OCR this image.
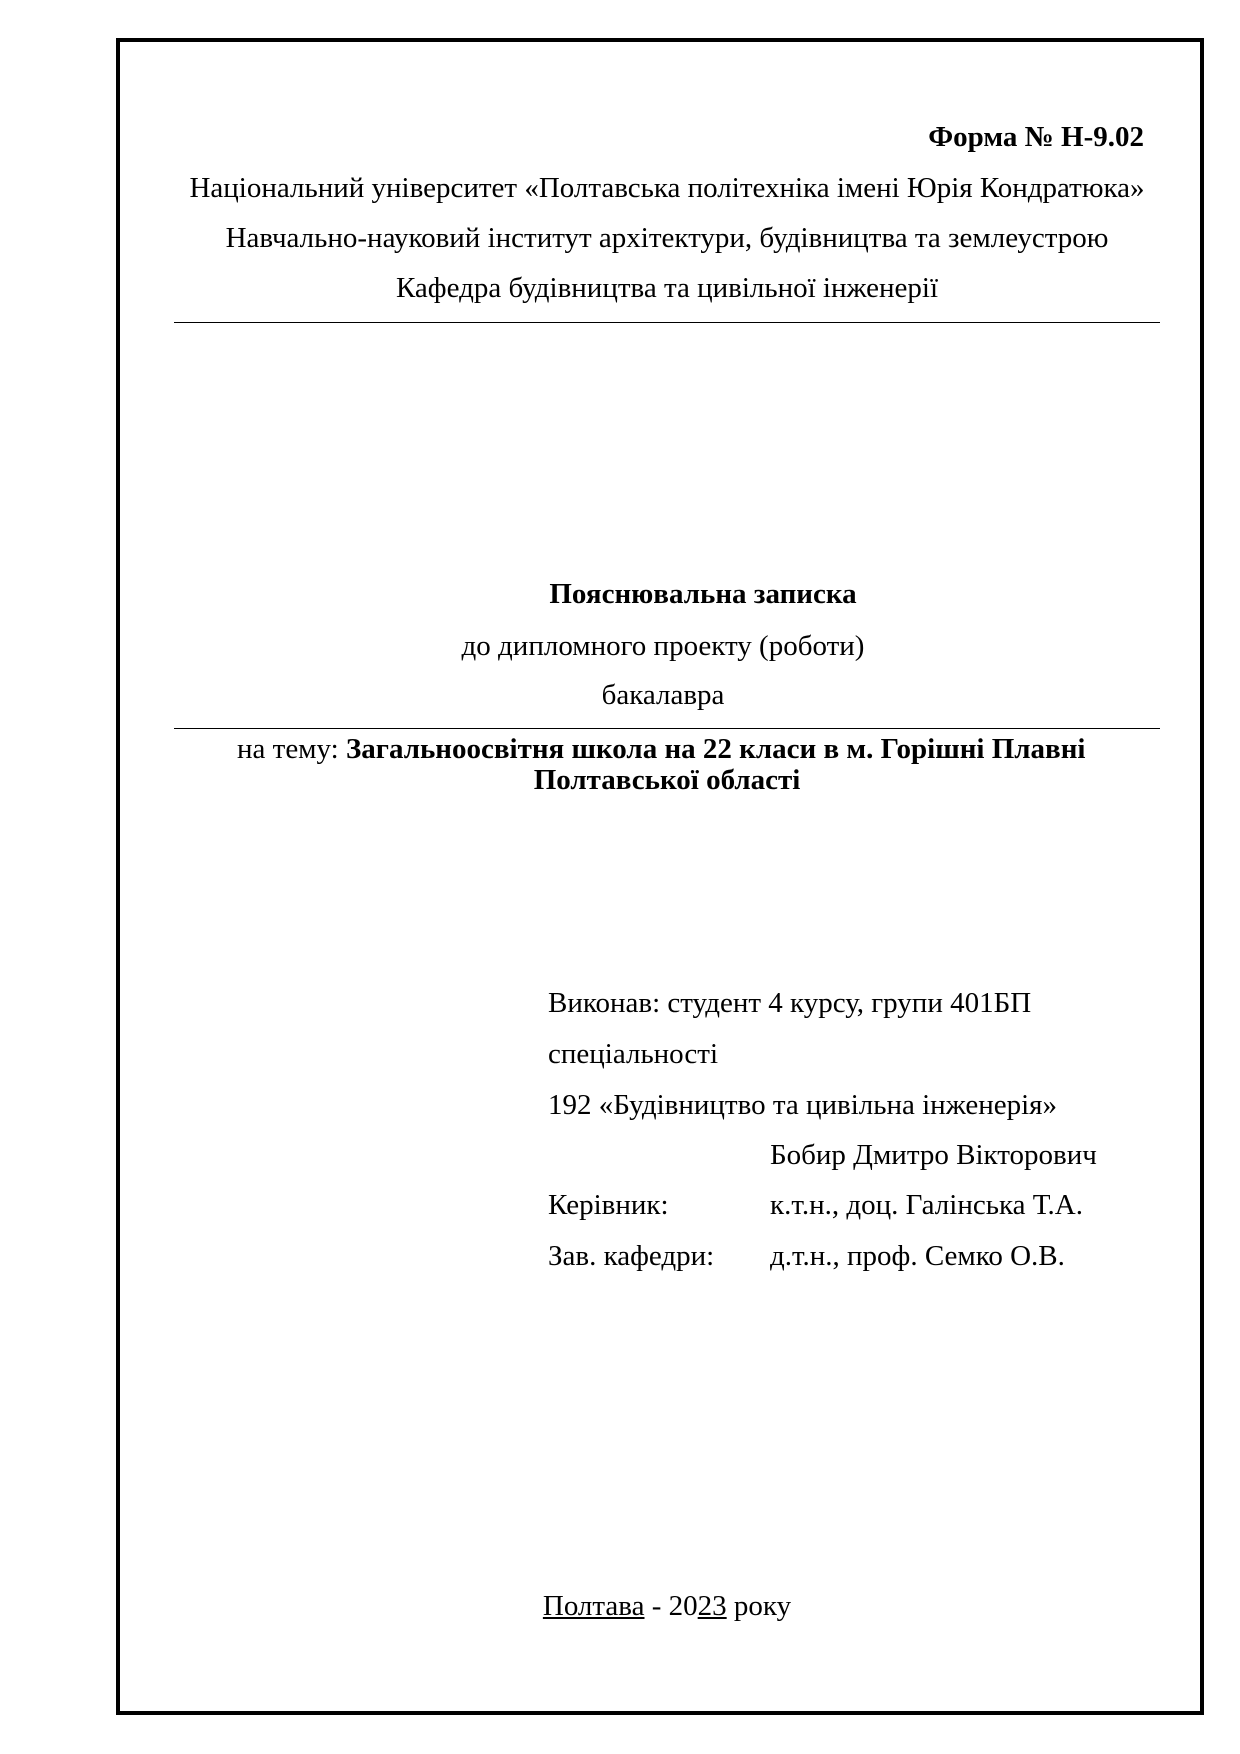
Форма № Н-9.02
Національний університет «Полтавська політехніка імені Юрія Кондратюка»
Навчально-науковий інститут архітектури, будівництва та землеустрою
Кафедра будівництва та цивільної інженерії
Пояснювальна записка
до дипломного проекту (роботи)
бакалавра
на тему: Загальноосвітня школа на 22 класи в м. Горішні Плавні
Полтавської області
Виконав: студент 4 курсу, групи 401БП
спеціальності
192 «Будівництво та цивільна інженерія»
Бобир Дмитро Вікторович
Керівник:	к.т.н., доц. Галінська Т.А.
Зав. кафедри: д.т.н., проф. Семко О.В.
Полтава - 2023 року
